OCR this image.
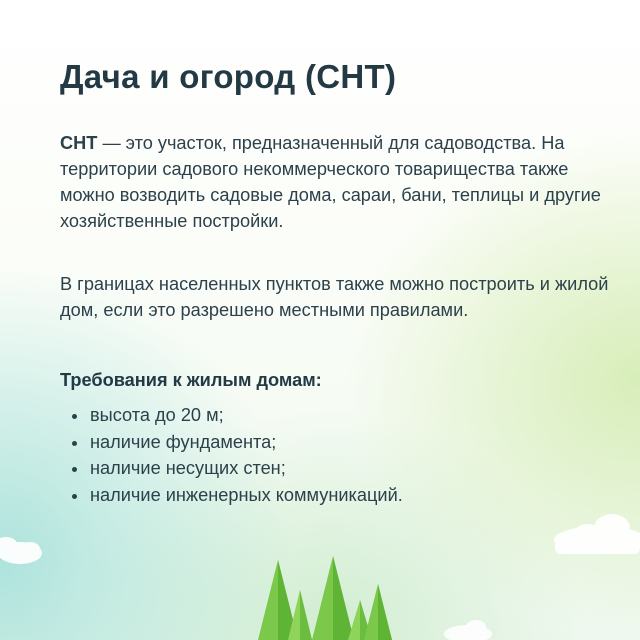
Дача и огород (СНТ)

СНТ — это участок, предназначенный для садоводства. На территории садового некоммерческого товарищества также можно возводить садовые дома, сараи, бани, теплицы и другие хозяйственные постройки.

В границах населенных пунктов также можно построить и жилой дом, если это разрешено местными правилами.

Требования к жилым домам:

высота до 20 м;
наличие фундамента;
наличие несущих стен;
наличие инженерных коммуникаций.
